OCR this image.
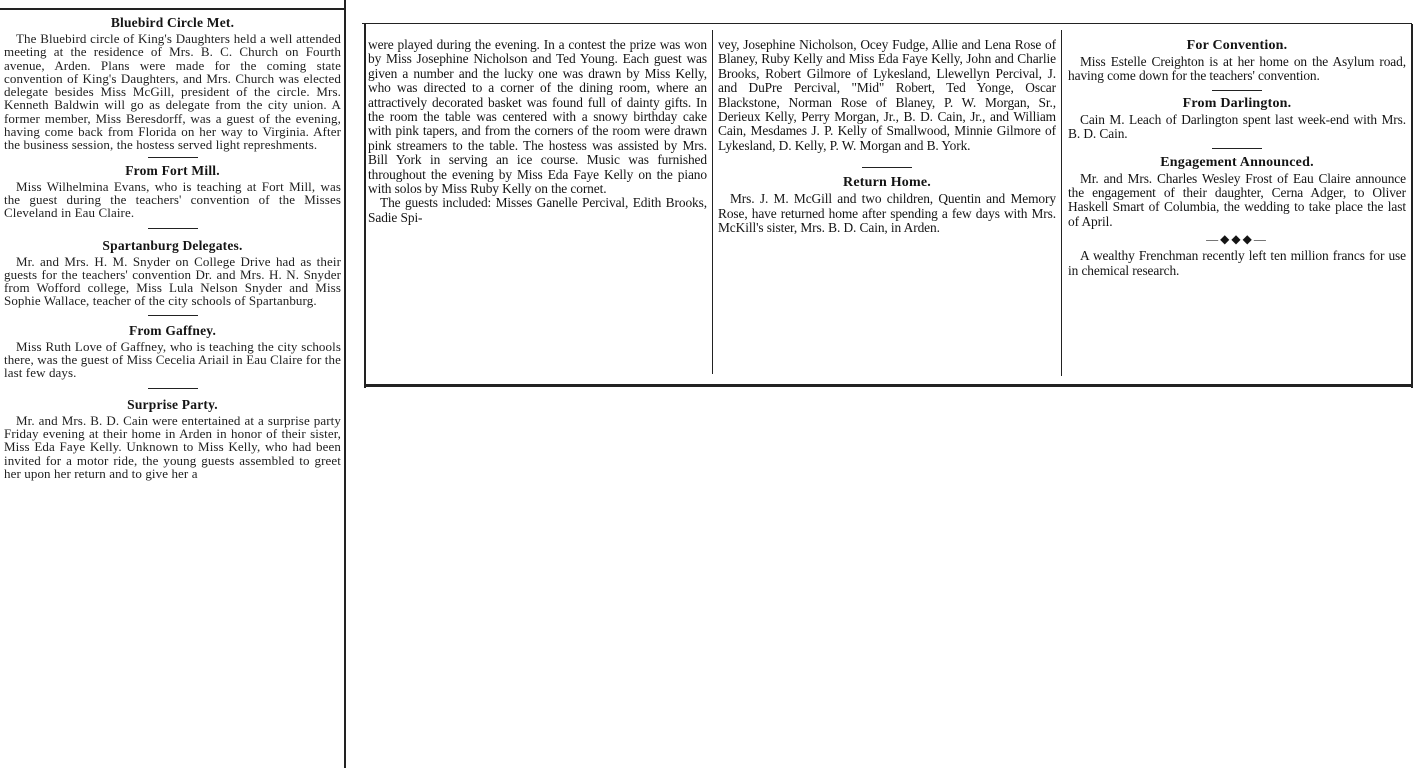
Bluebird Circle Met.

The Bluebird circle of King's Daughters held a well attended meeting at the residence of Mrs. B. C. Church on Fourth avenue, Arden. Plans were made for the coming state convention of King's Daughters, and Mrs. Church was elected delegate besides Miss McGill, president of the circle. Mrs. Kenneth Baldwin will go as delegate from the city union. A former member, Miss Beresdorff, was a guest of the evening, having come back from Florida on her way to Virginia. After the business session, the hostess served light represhments.

From Fort Mill.

Miss Wilhelmina Evans, who is teaching at Fort Mill, was the guest during the teachers' convention of the Misses Cleveland in Eau Claire.

Spartanburg Delegates.

Mr. and Mrs. H. M. Snyder on College Drive had as their guests for the teachers' convention Dr. and Mrs. H. N. Snyder from Wofford college, Miss Lula Nelson Snyder and Miss Sophie Wallace, teacher of the city schools of Spartanburg.

From Gaffney.

Miss Ruth Love of Gaffney, who is teaching the city schools there, was the guest of Miss Cecelia Ariail in Eau Claire for the last few days.

Surprise Party.

Mr. and Mrs. B. D. Cain were entertained at a surprise party Friday evening at their home in Arden in honor of their sister, Miss Eda Faye Kelly. Unknown to Miss Kelly, who had been invited for a motor ride, the young guests assembled to greet her upon her return and to give her a

were played during the evening. In a contest the prize was won by Miss Josephine Nicholson and Ted Young. Each guest was given a number and the lucky one was drawn by Miss Kelly, who was directed to a corner of the dining room, where an attractively decorated basket was found full of dainty gifts. In the room the table was centered with a snowy birthday cake with pink tapers, and from the corners of the room were drawn pink streamers to the table. The hostess was assisted by Mrs. Bill York in serving an ice course. Music was furnished throughout the evening by Miss Eda Faye Kelly on the piano with solos by Miss Ruby Kelly on the cornet.

The guests included: Misses Ganelle Percival, Edith Brooks, Sadie Spi-

vey, Josephine Nicholson, Ocey Fudge, Allie and Lena Rose of Blaney, Ruby Kelly and Miss Eda Faye Kelly, John and Charlie Brooks, Robert Gilmore of Lykesland, Llewellyn Percival, J. and DuPre Percival, "Mid" Robert, Ted Yonge, Oscar Blackstone, Norman Rose of Blaney, P. W. Morgan, Sr., Derieux Kelly, Perry Morgan, Jr., B. D. Cain, Jr., and William Cain, Mesdames J. P. Kelly of Smallwood, Minnie Gilmore of Lykesland, D. Kelly, P. W. Morgan and B. York.

Return Home.

Mrs. J. M. McGill and two children, Quentin and Memory Rose, have returned home after spending a few days with Mrs. McKill's sister, Mrs. B. D. Cain, in Arden.

For Convention.

Miss Estelle Creighton is at her home on the Asylum road, having come down for the teachers' convention.

From Darlington.

Cain M. Leach of Darlington spent last week-end with Mrs. B. D. Cain.

Engagement Announced.

Mr. and Mrs. Charles Wesley Frost of Eau Claire announce the engagement of their daughter, Cerna Adger, to Oliver Haskell Smart of Columbia, the wedding to take place the last of April.

—◆◆◆—

A wealthy Frenchman recently left ten million francs for use in chemical research.
